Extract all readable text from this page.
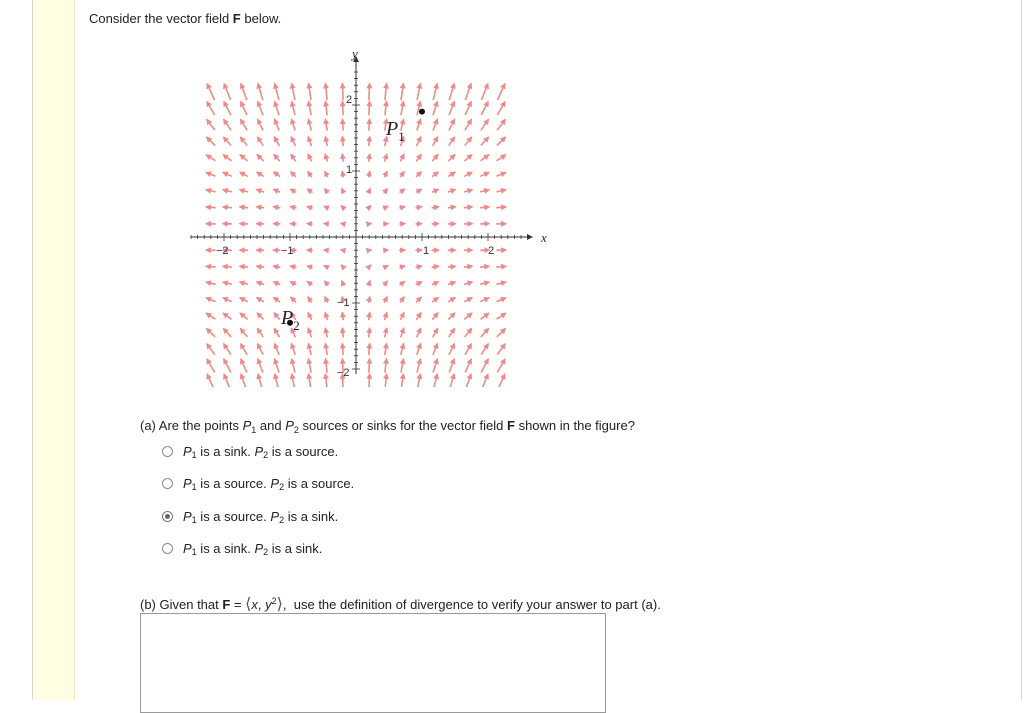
Consider the vector field F below.
x
y
−2	−1	1	2
2
1
−1
−2
$P_1$
$P_2$
(a) Are the points $P_1$ and $P_2$ sources or sinks for the vector field F shown in the figure?
P 1 is a sink. P 2 is a source.
P 1 is a source. P 2 is a source.
P 1 is a source. P 2 is a sink.
P 1 is a sink. P 2 is a sink.
(b) Given that F = ⟨x, $y^2⟩$,  use the definition of divergence to verify your answer to part (a).
